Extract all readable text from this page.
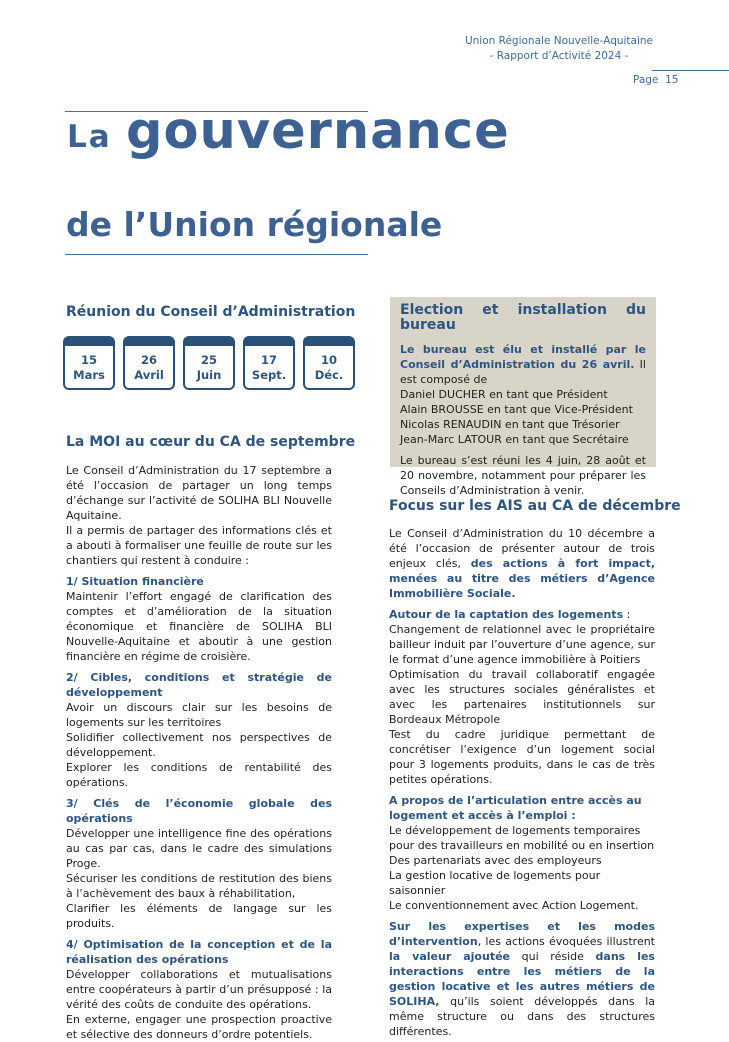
Union Régionale Nouvelle-Aquitaine
- Rapport d’Activité 2024 -
Page 15
La gouvernance
de l’Union régionale
Réunion du Conseil d’Administration
15
Mars
26
Avril
25
Juin
17
Sept.
10
Déc.
La MOI au cœur du CA de septembre

Le Conseil d’Administration du 17 septembre a été l’occasion de partager un long temps d’échange sur l’activité de SOLIHA BLI Nouvelle Aquitaine.

Il a permis de partager des informations clés et a abouti à formaliser une feuille de route sur les chantiers qui restent à conduire :

1/ Situation financière

Maintenir l’effort engagé de clarification des comptes et d’amélioration de la situation économique et financière de SOLIHA BLI Nouvelle-Aquitaine et aboutir à une gestion financière en régime de croisière.

2/ Cibles, conditions et stratégie de développement

Avoir un discours clair sur les besoins de logements sur les territoires

Solidifier collectivement nos perspectives de développement.

Explorer les conditions de rentabilité des opérations.

3/ Clés de l’économie globale des opérations

Développer une intelligence fine des opérations au cas par cas, dans le cadre des simulations Proge.

Sécuriser les conditions de restitution des biens à l’achèvement des baux à réhabilitation,

Clarifier les éléments de langage sur les produits.

4/ Optimisation de la conception et de la réalisation des opérations

Développer collaborations et mutualisations entre coopérateurs à partir d’un présupposé : la vérité des coûts de conduite des opérations.

En externe, engager une prospection proactive et sélective des donneurs d’ordre potentiels.

Election et installation du bureau

Le bureau est élu et installé par le Conseil d’Administration du 26 avril. Il est composé de

Daniel DUCHER en tant que Président

Alain BROUSSE en tant que Vice-Président

Nicolas RENAUDIN en tant que Trésorier

Jean-Marc LATOUR en tant que Secrétaire

Le bureau s’est réuni les 4 juin, 28 août et 20 novembre, notamment pour préparer les Conseils d’Administration à venir.

Focus sur les AIS au CA de décembre

Le Conseil d’Administration du 10 décembre a été l’occasion de présenter autour de trois enjeux clés, des actions à fort impact, menées au titre des métiers d’Agence Immobilière Sociale.

Autour de la captation des logements :

Changement de relationnel avec le propriétaire bailleur induit par l’ouverture d’une agence, sur le format d’une agence immobilière à Poitiers

Optimisation du travail collaboratif engagée avec les structures sociales généralistes et avec les partenaires institutionnels sur Bordeaux Métropole

Test du cadre juridique permettant de concrétiser l’exigence d’un logement social pour 3 logements produits, dans le cas de très petites opérations.

A propos de l’articulation entre accès au logement et accès à l’emploi :

Le développement de logements temporaires pour des travailleurs en mobilité ou en insertion

Des partenariats avec des employeurs

La gestion locative de logements pour saisonnier

Le conventionnement avec Action Logement.

Sur les expertises et les modes d’intervention, les actions évoquées illustrent la valeur ajoutée qui réside dans les interactions entre les métiers de la gestion locative et les autres métiers de SOLIHA, qu’ils soient développés dans la même structure ou dans des structures différentes.
